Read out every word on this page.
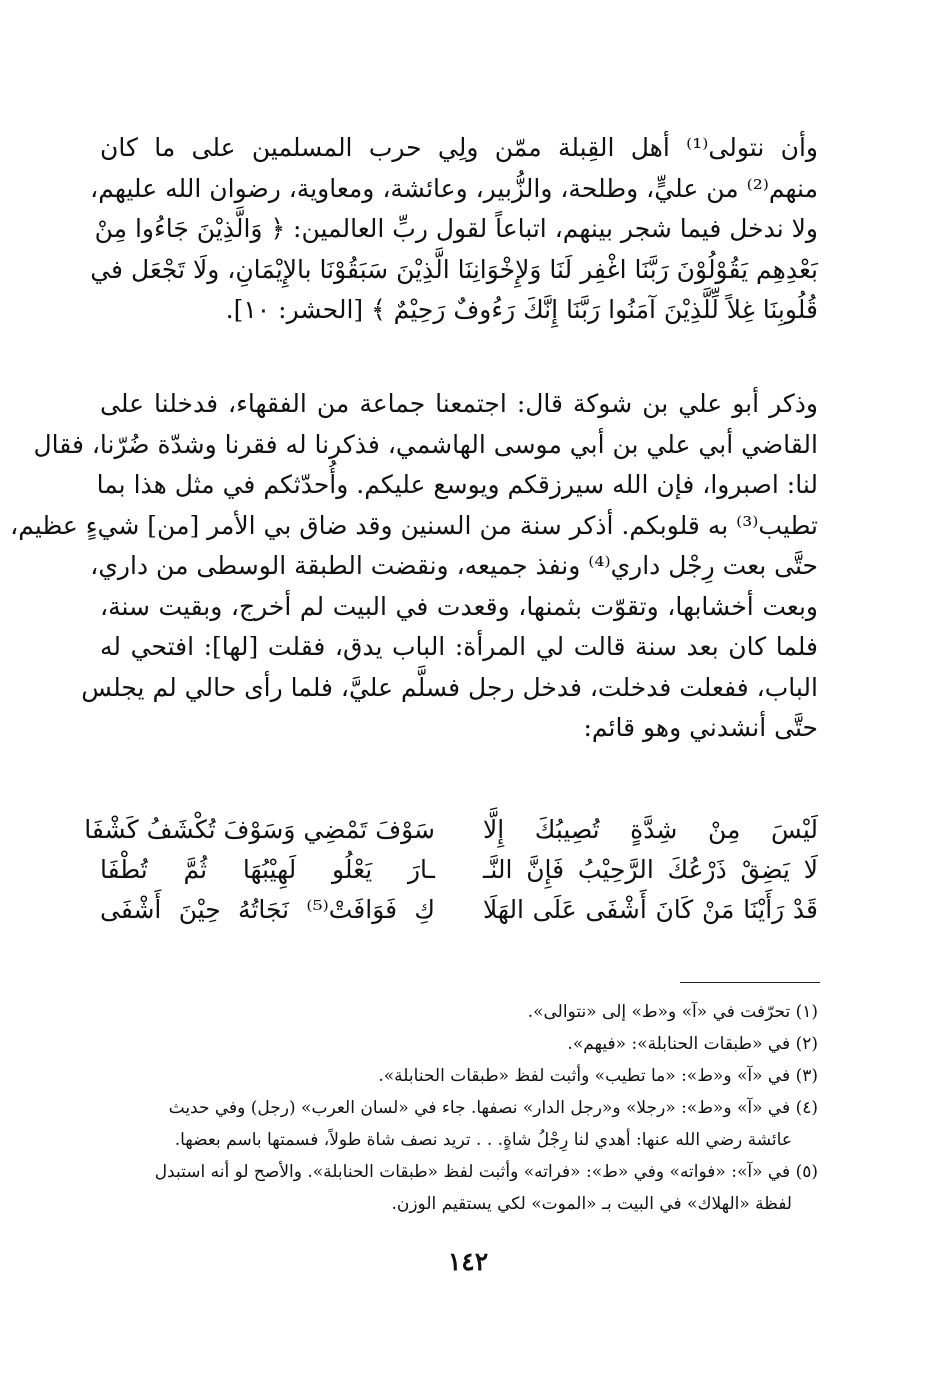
وأن نتولى⁽¹⁾ أهل القِبلة ممّن ولِي حرب المسلمين على ما كان
منهم⁽²⁾ من عليٍّ، وطلحة، والزُّبير، وعائشة، ومعاوية، رضوان الله عليهم،
ولا ندخل فيما شجر بينهم، اتباعاً لقول ربِّ العالمين: ﴿ وَالَّذِيْنَ جَاءُوا مِنْ
بَعْدِهِم يَقُوْلُوْنَ رَبَّنَا اغْفِر لَنَا وَلإِخْوَانِنَا الَّذِيْنَ سَبَقُوْنَا بالإِيْمَانِ، ولَا تَجْعَل في
قُلُوبِنَا غِلاً لِّلَّذِيْنَ آمَنُوا رَبَّنَا إِنَّكَ رَءُوفٌ رَحِيْمٌ ﴾ [الحشر: ١٠].
وذكر أبو علي بن شوكة قال: اجتمعنا جماعة من الفقهاء، فدخلنا على
القاضي أبي علي بن أبي موسى الهاشمي، فذكرنا له فقرنا وشدّة ضُرّنا، فقال
لنا: اصبروا، فإن الله سيرزقكم ويوسع عليكم. وأُحدّثكم في مثل هذا بما
تطيب⁽³⁾ به قلوبكم. أذكر سنة من السنين وقد ضاق بي الأمر [من] شيءٍ عظيم،
حتَّى بعت رِجْل داري⁽⁴⁾ ونفذ جميعه، ونقضت الطبقة الوسطى من داري،
وبعت أخشابها، وتقوّت بثمنها، وقعدت في البيت لم أخرج، وبقيت سنة،
فلما كان بعد سنة قالت لي المرأة: الباب يدق، فقلت [لها]: افتحي له
الباب، ففعلت فدخلت، فدخل رجل فسلَّم عليَّ، فلما رأى حالي لم يجلس
حتَّى أنشدني وهو قائم:
لَيْسَ مِنْ شِدَّةٍ تُصِيبُكَ إِلَّا
سَوْفَ تَمْضِي وَسَوْفَ تُكْشَفُ كَشْفَا
لَا يَضِقْ ذَرْعُكَ الرَّحِيْبُ فَإِنَّ النَّـ
ـارَ يَعْلُو لَهِيْبُهَا ثُمَّ تُطْفَا
قَدْ رَأَيْنَا مَنْ كَانَ أَشْفَى عَلَى الهَلَا
كِ فَوَافَتْ⁽⁵⁾ نَجَاتُهُ حِيْنَ أَشْفَى
(١) تحرّفت في «آ» و«ط» إلى «نتوالى».
(٢) في «طبقات الحنابلة»: «فيهم».
(٣) في «آ» و«ط»: «ما تطيب» وأثبت لفظ «طبقات الحنابلة».
(٤) في «آ» و«ط»: «رجلا» و«رجل الدار» نصفها. جاء في «لسان العرب» (رجل) وفي حديث
عائشة رضي الله عنها: أهدي لنا رِجْلُ شاةٍ. . . تريد نصف شاة طولاً، فسمتها باسم بعضها.
(٥) في «آ»: «فواته» وفي «ط»: «فراته» وأثبت لفظ «طبقات الحنابلة». والأصح لو أنه استبدل
لفظة «الهلاك» في البيت بـ «الموت» لكي يستقيم الوزن.
١٤٢
